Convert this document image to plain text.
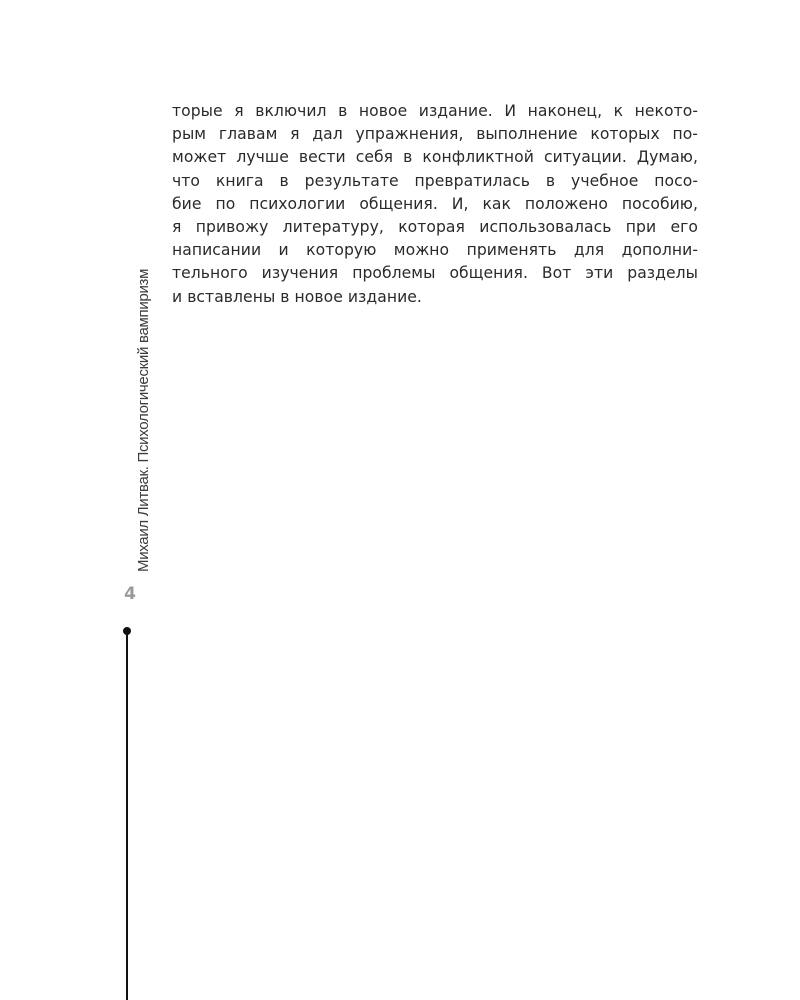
Михаил Литвак. Психологический вампиризм
4
торые я включил в новое издание. И наконец, к некото-
рым главам я дал упражнения, выполнение которых по-
может лучше вести себя в конфликтной ситуации. Думаю,
что книга в результате превратилась в учебное посо-
бие по психологии общения. И, как положено пособию,
я привожу литературу, которая использовалась при его
написании и которую можно применять для дополни-
тельного изучения проблемы общения. Вот эти разделы
и вставлены в новое издание.
